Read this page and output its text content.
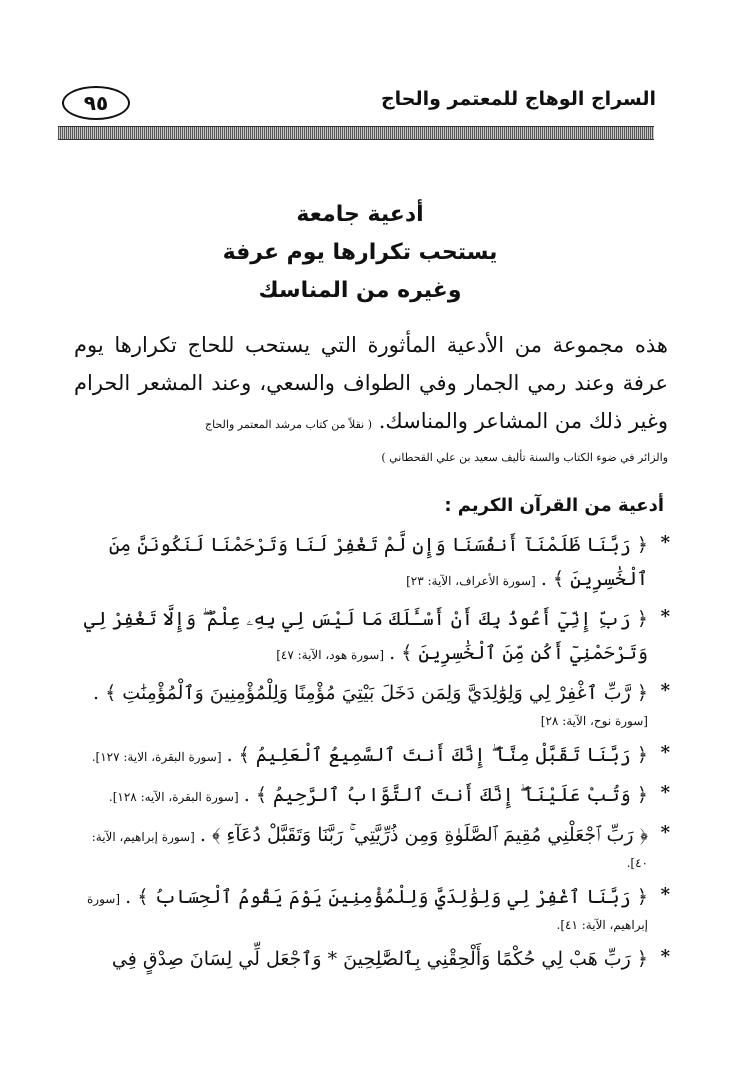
٩٥	السراج الوهاج للمعتمر والحاج
أدعية جامعة
يستحب تكرارها يوم عرفة
وغيره من المناسك
هذه مجموعة من الأدعية المأثورة التي يستحب للحاج تكرارها يوم عرفة وعند رمي الجمار وفي الطواف والسعي، وعند المشعر الحرام وغير ذلك من المشاعر والمناسك. ( نقلاً من كتاب مرشد المعتمر والحاج
والزائر في ضوء الكتاب والسنة تأليف سعيد بن علي القحطاني )
أدعية من القرآن الكريم :
*
﴿ رَبَّنَا ظَلَمْنَآ أَنفُسَنَا وَإِن لَّمْ تَغْفِرْ لَنَا وَتَرْحَمْنَا لَنَكُونَنَّ مِنَ ٱلْخَٰسِرِينَ ﴾ . [سورة الأعراف، الآية: ٢٣]
*
﴿ رَبِّ إِنِّيٓ أَعُوذُ بِكَ أَنْ أَسْـَٔلَكَ مَا لَيْسَ لِي بِهِۦ عِلْمٌ ۖ وَإِلَّا تَغْفِرْ لِي وَتَرْحَمْنِيٓ أَكُن مِّنَ ٱلْخَٰسِرِينَ ﴾ . [سورة هود، الآية: ٤٧]
*
﴿ رَّبِّ ٱغْفِرْ لِي وَلِوَٰلِدَيَّ وَلِمَن دَخَلَ بَيْتِيَ مُؤْمِنًا وَلِلْمُؤْمِنِينَ وَٱلْمُؤْمِنَٰتِ ﴾ . [سورة نوح، الآية: ٢٨]
*
﴿ رَبَّنَا تَقَبَّلْ مِنَّآ ۖ إِنَّكَ أَنتَ ٱلسَّمِيعُ ٱلْعَلِيمُ ﴾ . [سورة البقرة، الاية: ١٢٧].
*
﴿ وَتُبْ عَلَيْنَآ ۖ إِنَّكَ أَنتَ ٱلتَّوَّابُ ٱلرَّحِيمُ ﴾ . [سورة البقرة، الآيه: ١٢٨].
*
﴿ رَبِّ ٱجْعَلْنِي مُقِيمَ ٱلصَّلَوٰةِ وَمِن ذُرِّيَّتِي ۚ رَبَّنَا وَتَقَبَّلْ دُعَآءِ ﴾ . [سورة إبراهيم، الآية: ٤٠].
*
﴿ رَبَّنَا ٱغْفِرْ لِي وَلِوَٰلِدَيَّ وَلِلْمُؤْمِنِينَ يَوْمَ يَقُومُ ٱلْحِسَابُ ﴾ . [سورة إبراهيم، الآية: ٤١].
*
﴿ رَبِّ هَبْ لِي حُكْمًا وَأَلْحِقْنِي بِٱلصَّٰلِحِينَ * وَٱجْعَل لِّي لِسَانَ صِدْقٍ فِي
